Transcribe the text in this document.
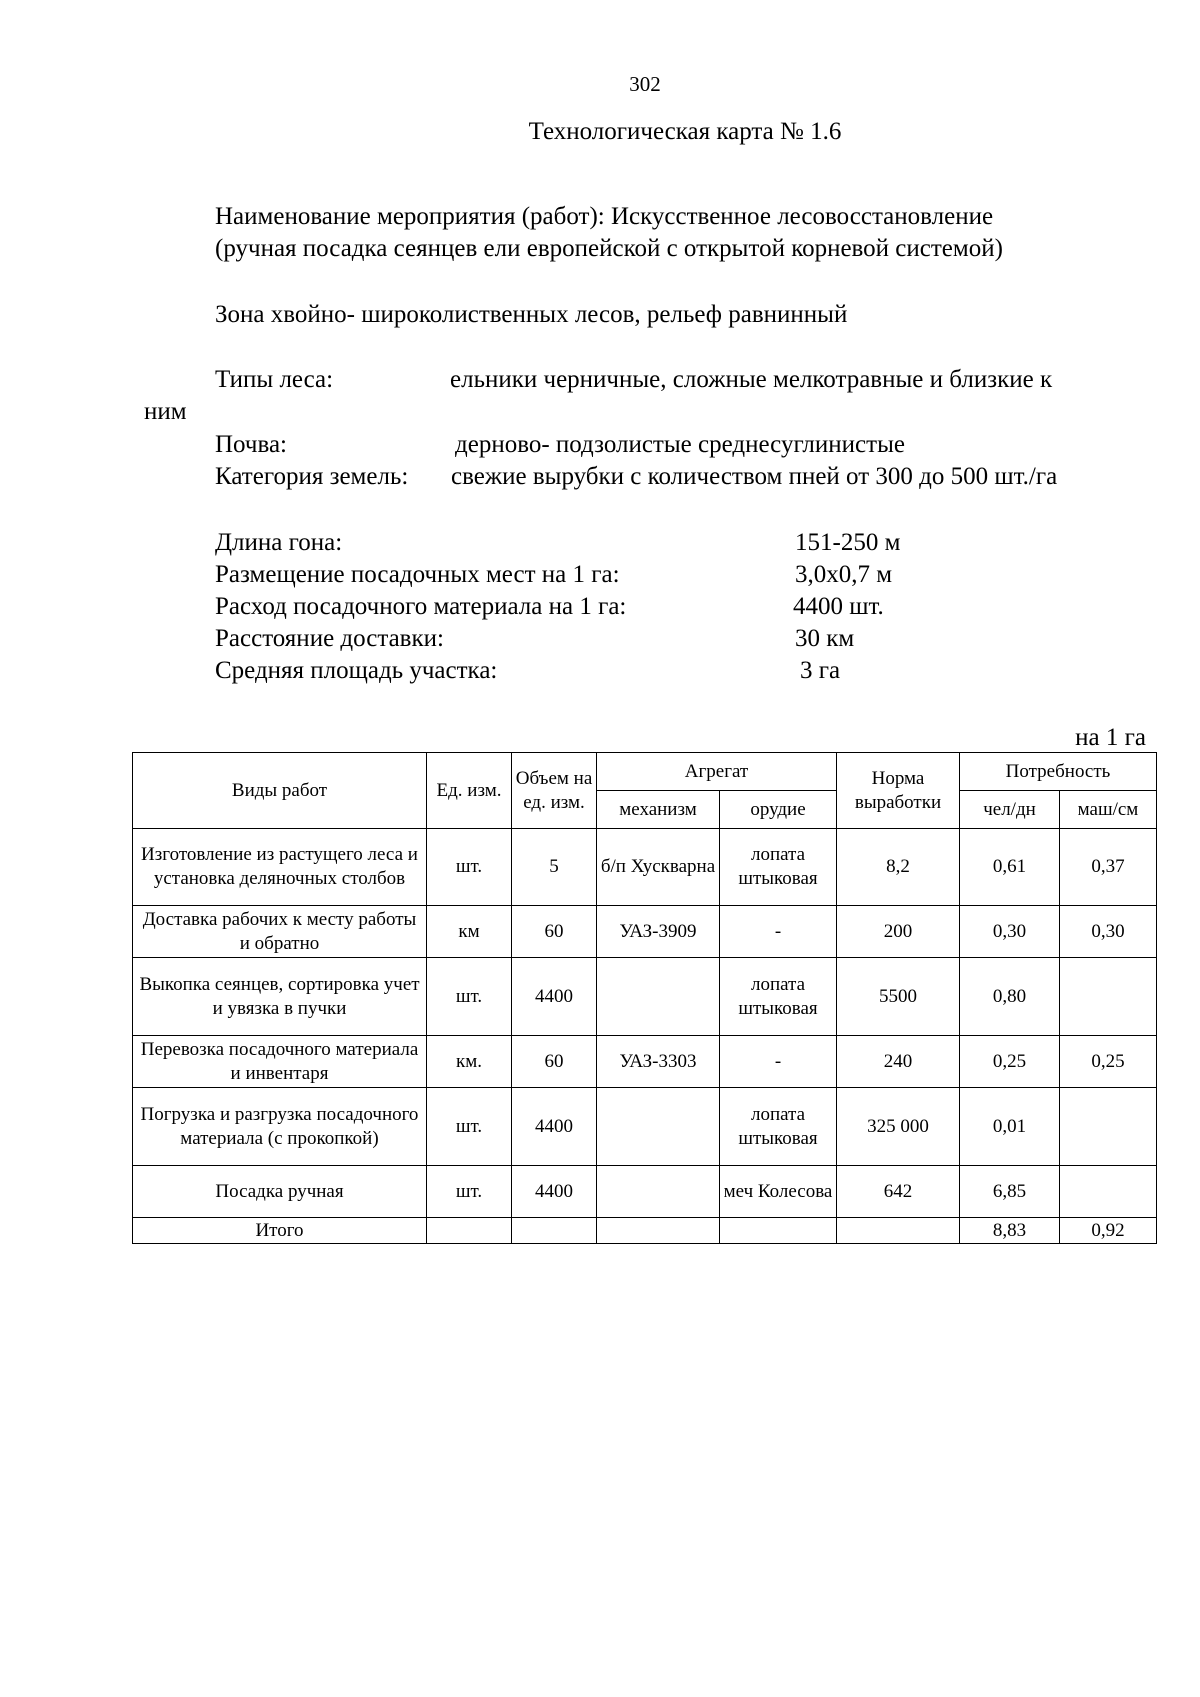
302
Технологическая карта № 1.6
Наименование мероприятия (работ): Искусственное лесовосстановление
(ручная посадка сеянцев ели европейской с открытой корневой системой)
Зона хвойно- широколиственных лесов, рельеф равнинный
Типы леса:	ельники черничные, сложные мелкотравные и близкие к
ним
Почва:	дерново- подзолистые среднесуглинистые
Категория земель: свежие вырубки с количеством пней от 300 до 500 шт./га
Длина гона:	151-250 м
Размещение посадочных мест на 1 га:	3,0х0,7 м
Расход посадочного материала на 1 га:	4400 шт.
Расстояние доставки:	30 км
Средняя площадь участка:	3 га
на 1 га
Виды работ	Ед. изм.	Объем на ед. изм.	Агрегат		Норма выработки	Потребность	
			механизм	орудие		чел/дн	маш/см
Изготовление из растущего леса и установка деляночных столбов	шт.	5	б/п Хускварна	лопата штыковая	8,2	0,61	0,37
Доставка рабочих к месту работы и обратно	км	60	УАЗ-3909	-	200	0,30	0,30
Выкопка сеянцев, сортировка учет и увязка в пучки	шт.	4400		лопата штыковая	5500	0,80	
Перевозка посадочного материала и инвентаря	км.	60	УАЗ-3303	-	240	0,25	0,25
Погрузка и разгрузка посадочного материала (с прокопкой)	шт.	4400		лопата штыковая	325 000	0,01	
Посадка ручная	шт.	4400		меч Колесова	642	6,85	
Итого						8,83	0,92
